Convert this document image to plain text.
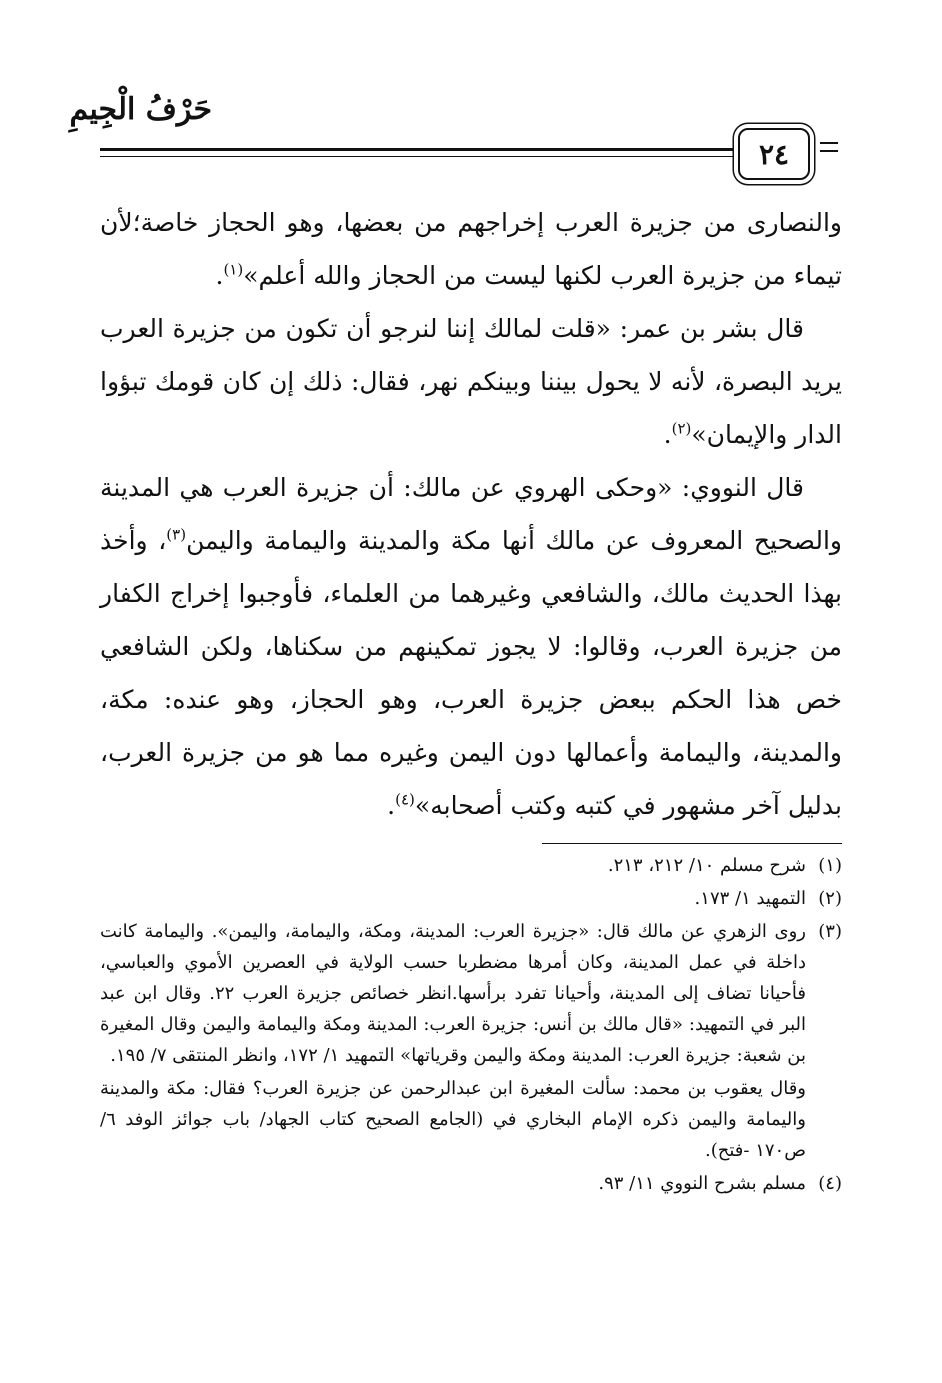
حَرْفُ الْجِيمِ
٢٤

والنصارى من جزيرة العرب إخراجهم من بعضها، وهو الحجاز خاصة؛لأن تيماء من جزيرة العرب لكنها ليست من الحجاز والله أعلم»$^{(١)}$.

قال بشر بن عمر: «قلت لمالك إننا لنرجو أن تكون من جزيرة العرب يريد البصرة، لأنه لا يحول بيننا وبينكم نهر، فقال: ذلك إن كان قومك تبؤوا الدار والإيمان»$^{(٢)}$.

قال النووي: «وحكى الهروي عن مالك: أن جزيرة العرب هي المدينة والصحيح المعروف عن مالك أنها مكة والمدينة واليمامة واليمن$^{(٣)}$، وأخذ بهذا الحديث مالك، والشافعي وغيرهما من العلماء، فأوجبوا إخراج الكفار من جزيرة العرب، وقالوا: لا يجوز تمكينهم من سكناها، ولكن الشافعي خص هذا الحكم ببعض جزيرة العرب، وهو الحجاز، وهو عنده: مكة، والمدينة، واليمامة وأعمالها دون اليمن وغيره مما هو من جزيرة العرب، بدليل آخر مشهور في كتبه وكتب أصحابه»$^{(٤)}$.

(١)
شرح مسلم ١٠/ ٢١٢، ٢١٣.
(٢)
التمهيد ١/ ١٧٣.
(٣)
روى الزهري عن مالك قال: «جزيرة العرب: المدينة، ومكة، واليمامة، واليمن». واليمامة كانت داخلة في عمل المدينة، وكان أمرها مضطربا حسب الولاية في العصرين الأموي والعباسي، فأحيانا تضاف إلى المدينة، وأحيانا تفرد برأسها.انظر خصائص جزيرة العرب ٢٢. وقال ابن عبد البر في التمهيد: «قال مالك بن أنس: جزيرة العرب: المدينة ومكة واليمامة واليمن وقال المغيرة بن شعبة: جزيرة العرب: المدينة ومكة واليمن وقرياتها» التمهيد ١/ ١٧٢، وانظر المنتقى ٧/ ١٩٥.
وقال يعقوب بن محمد: سألت المغيرة ابن عبدالرحمن عن جزيرة العرب؟ فقال: مكة والمدينة واليمامة واليمن ذكره الإمام البخاري في (الجامع الصحيح كتاب الجهاد/ باب جوائز الوفد ٦/ ص١٧٠ -فتح).
(٤)
مسلم بشرح النووي ١١/ ٩٣.
